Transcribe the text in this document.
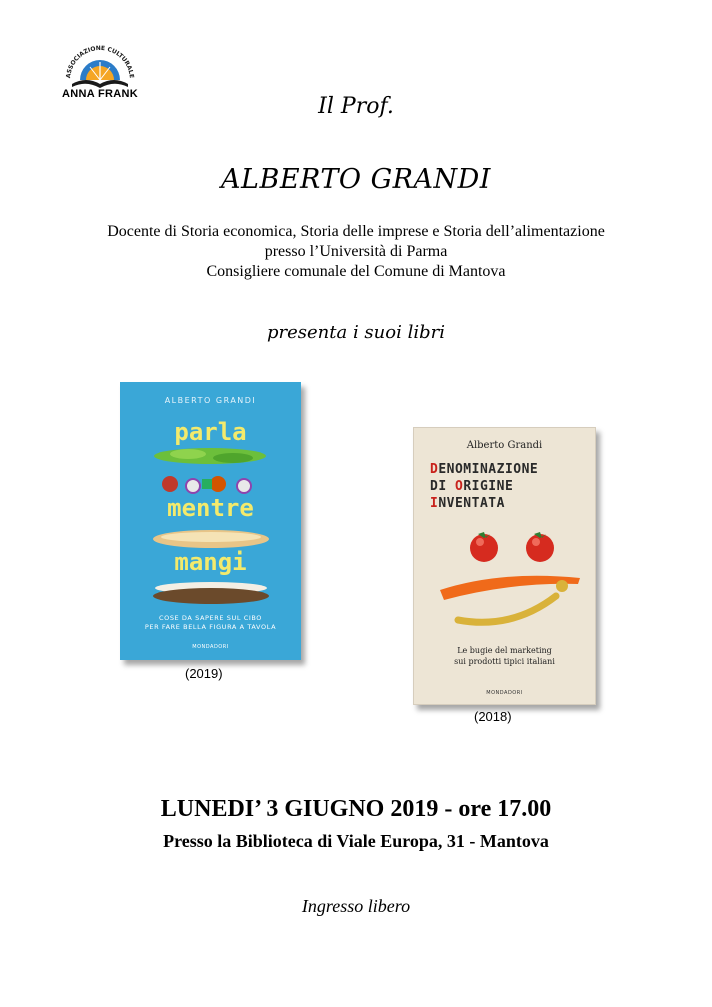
ASSOCIAZIONE CULTURALE
ANNA FRANK	Il Prof.
ALBERTO GRANDI
Docente di Storia economica, Storia delle imprese e Storia dell’alimentazione
presso l’Università di Parma
Consigliere comunale del Comune di Mantova
presenta i suoi libri
ALBERTO GRANDI
parla
mentre
mangi
COSE DA SAPERE SUL CIBO
PER FARE BELLA FIGURA A TAVOLA
MONDADORI
(2019)
Alberto Grandi
DENOMINAZIONE
DI ORIGINE
INVENTATA
Le bugie del marketing
sui prodotti tipici italiani
MONDADORI
(2018)
LUNEDI’ 3 GIUGNO 2019 - ore 17.00
Presso la Biblioteca di Viale Europa, 31 - Mantova
Ingresso libero
